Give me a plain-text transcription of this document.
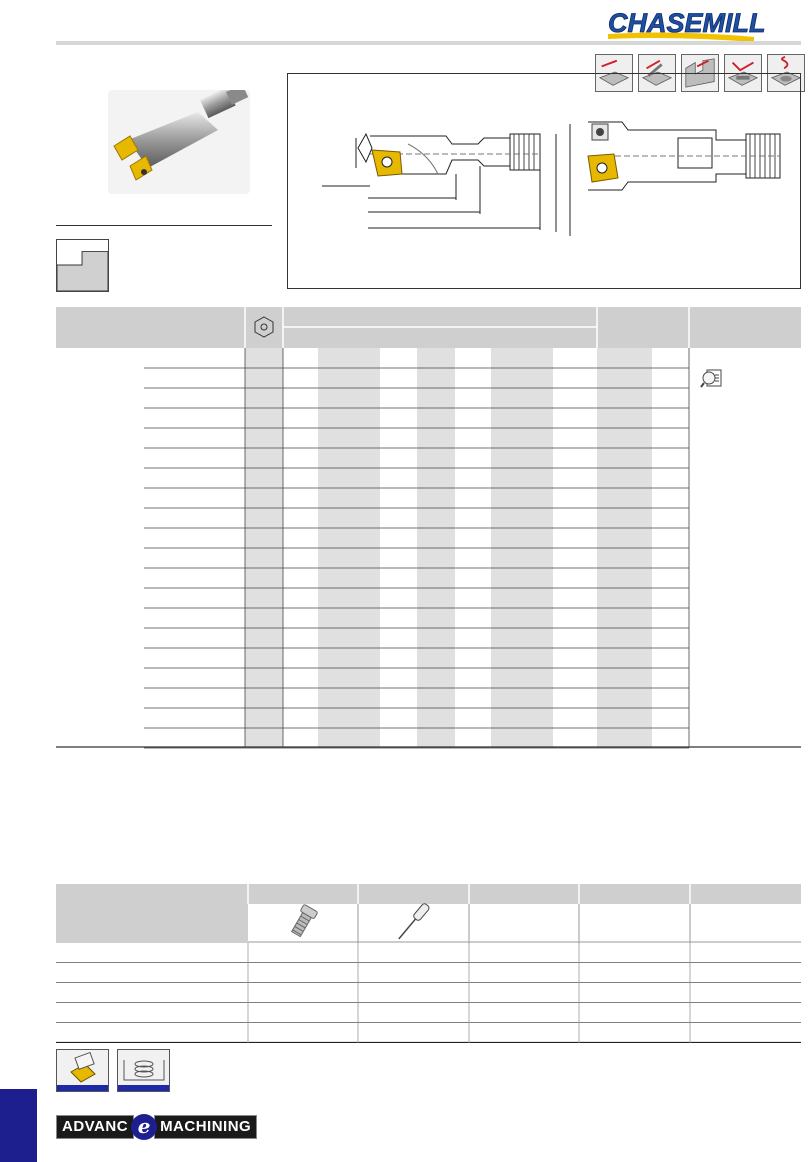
CHASEMILL
ADVANC e MACHINING
